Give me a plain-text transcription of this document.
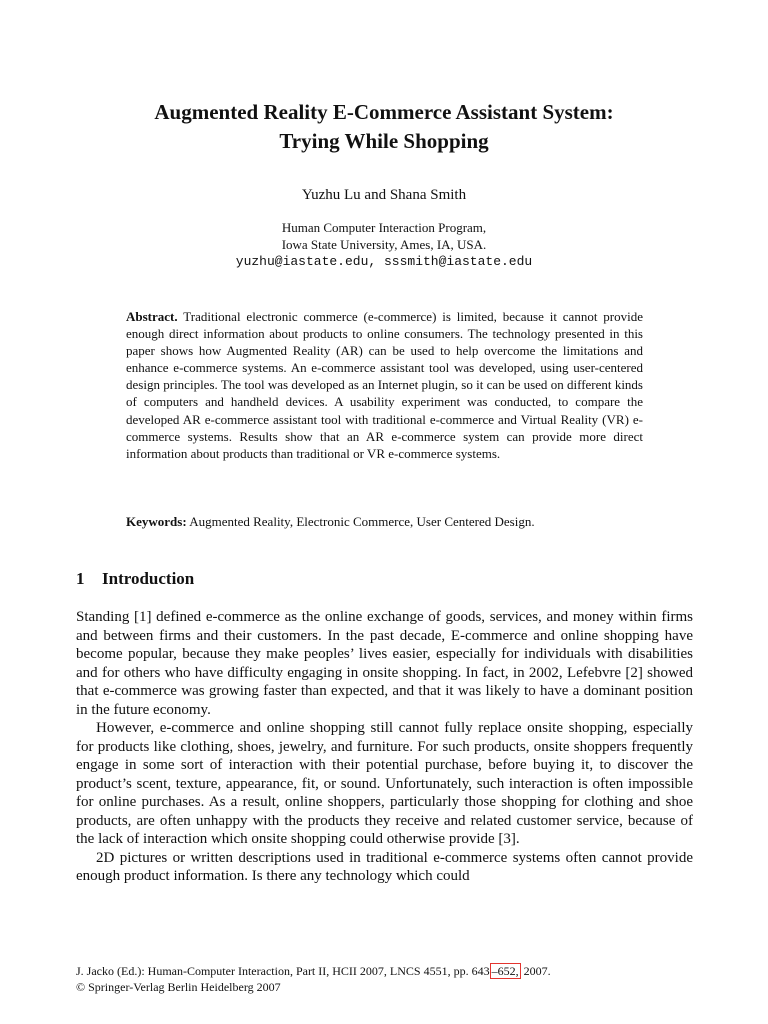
Augmented Reality E-Commerce Assistant System:
Trying While Shopping
Yuzhu Lu and Shana Smith
Human Computer Interaction Program,
Iowa State University, Ames, IA, USA.
yuzhu@iastate.edu, sssmith@iastate.edu
Abstract. Traditional electronic commerce (e-commerce) is limited, because it cannot provide enough direct information about products to online consumers. The technology presented in this paper shows how Augmented Reality (AR) can be used to help overcome the limitations and enhance e-commerce systems. An e-commerce assistant tool was developed, using user-centered design principles. The tool was developed as an Internet plugin, so it can be used on different kinds of computers and handheld devices. A usability experiment was conducted, to compare the developed AR e-commerce assistant tool with traditional e-commerce and Virtual Reality (VR) e-commerce systems. Results show that an AR e-commerce system can provide more direct information about products than traditional or VR e-commerce systems.
Keywords: Augmented Reality, Electronic Commerce, User Centered Design.
1 Introduction

Standing [1] defined e-commerce as the online exchange of goods, services, and money within firms and between firms and their customers. In the past decade, E-commerce and online shopping have become popular, because they make peoples’ lives easier, especially for individuals with disabilities and for others who have difficulty engaging in onsite shopping. In fact, in 2002, Lefebvre [2] showed that e-commerce was growing faster than expected, and that it was likely to have a dominant position in the future economy.

However, e-commerce and online shopping still cannot fully replace onsite shopping, especially for products like clothing, shoes, jewelry, and furniture. For such products, onsite shoppers frequently engage in some sort of interaction with their potential purchase, before buying it, to discover the product’s scent, texture, appearance, fit, or sound. Unfortunately, such interaction is often impossible for online purchases. As a result, online shoppers, particularly those shopping for clothing and shoe products, are often unhappy with the products they receive and related customer service, because of the lack of interaction which onsite shopping could otherwise provide [3].

2D pictures or written descriptions used in traditional e-commerce systems often cannot provide enough product information. Is there any technology which could

J. Jacko (Ed.): Human-Computer Interaction, Part II, HCII 2007, LNCS 4551, pp. 643 –652, 2007.
© Springer-Verlag Berlin Heidelberg 2007
